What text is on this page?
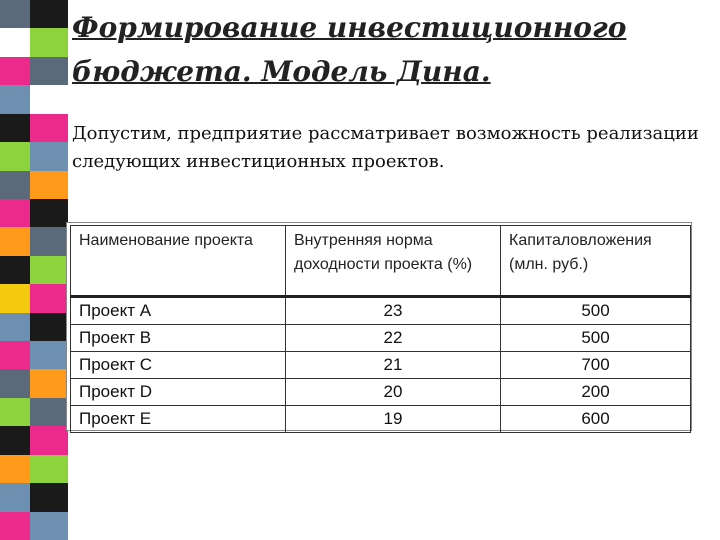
Формирование инвестиционного бюджета. Модель Дина.
Допустим, предприятие рассматривает возможность реализации следующих инвестиционных проектов.
Наименование проекта	Внутренняя норма доходности проекта (%)	Капиталовложения (млн. руб.)
Проект A	23	500
Проект B	22	500
Проект C	21	700
Проект D	20	200
Проект E	19	600
